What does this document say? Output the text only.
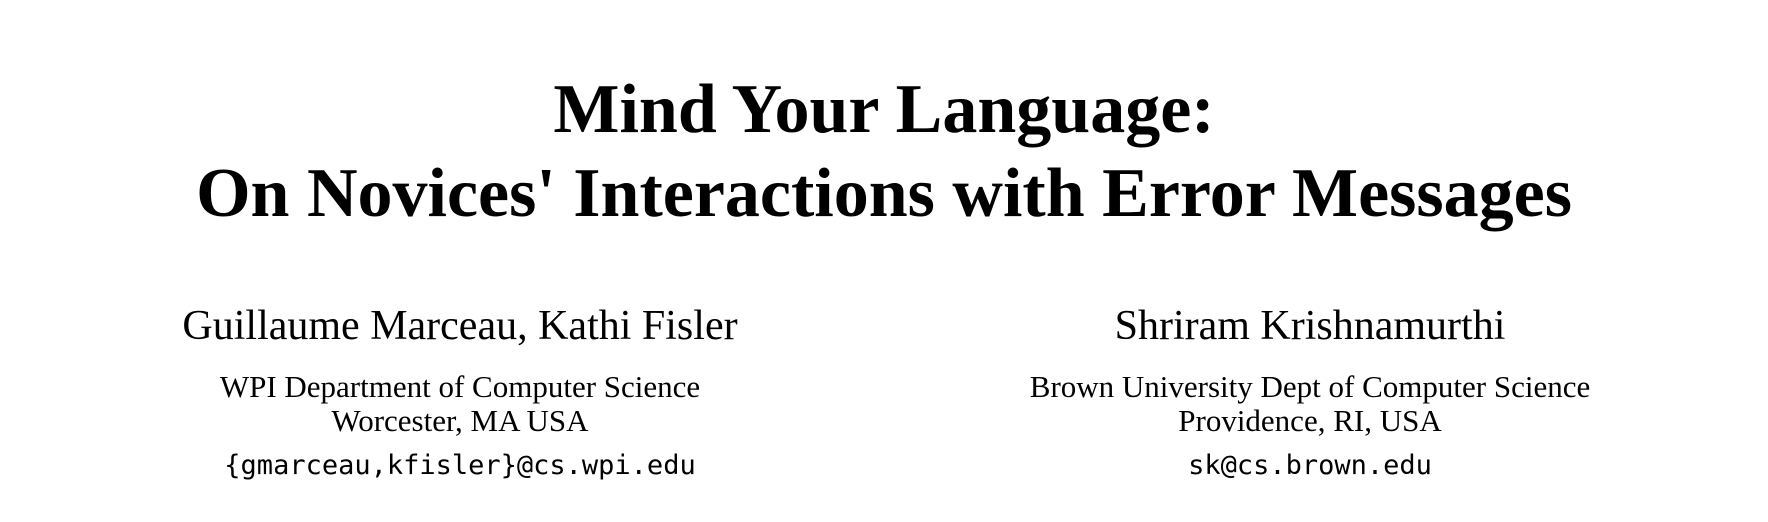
Mind Your Language:
On Novices' Interactions with Error Messages
Guillaume Marceau, Kathi Fisler
WPI Department of Computer Science
Worcester, MA USA
{gmarceau,kfisler}@cs.wpi.edu
Shriram Krishnamurthi
Brown University Dept of Computer Science
Providence, RI, USA
sk@cs.brown.edu
